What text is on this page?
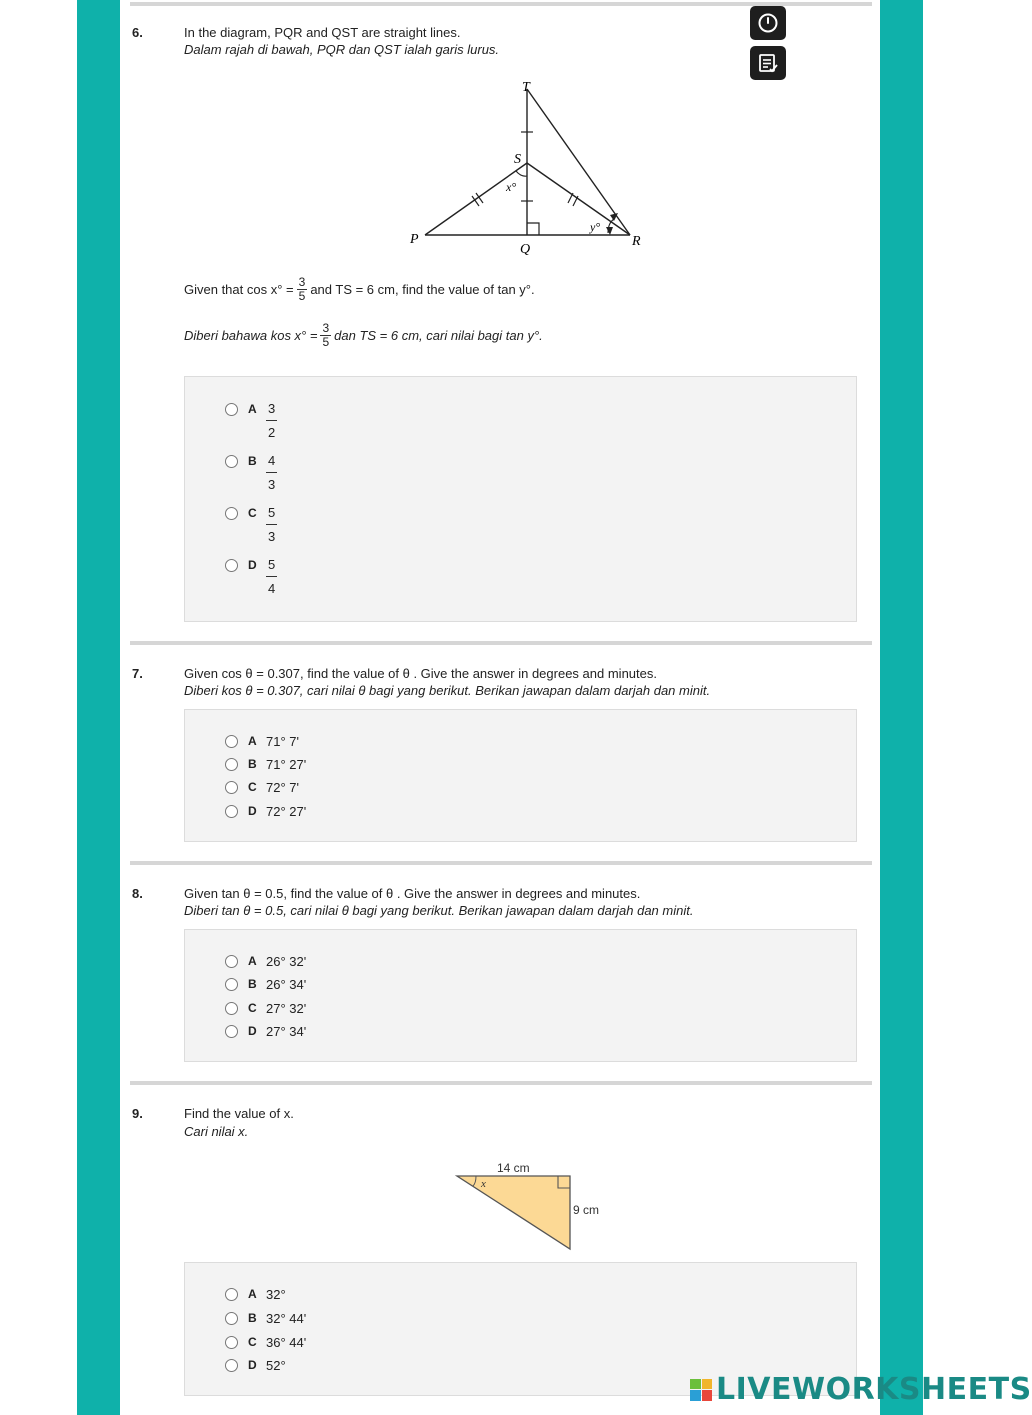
6.	In the diagram, PQR and QST are straight lines.
Dalam rajah di bawah, PQR dan QST ialah garis lurus.
T
S
P
Q
R
x°
y°
Given that $\cos x^\circ = \frac{3}{5}$ and TS = 6 cm, find the value of tan y°.
Diberi bahawa kos $x^\circ = \frac{3}{5}$ dan TS = 6 cm, cari nilai bagi tan y°.
A $\frac{3}{2}$
B $\frac{4}{3}$
C $\frac{5}{3}$
D $\frac{5}{4}$
7.	Given cos θ = 0.307, find the value of θ . Give the answer in degrees and minutes.
Diberi kos θ = 0.307, cari nilai θ bagi yang berikut. Berikan jawapan dalam darjah dan minit.
A 71° 7'
B 71° 27'
C 72° 7'
D 72° 27'
8.	Given tan θ = 0.5, find the value of θ . Give the answer in degrees and minutes.
Diberi tan θ = 0.5, cari nilai θ bagi yang berikut. Berikan jawapan dalam darjah dan minit.
A 26° 32'
B 26° 34'
C 27° 32'
D 27° 34'
9.	Find the value of x.
Cari nilai x.
14 cm
9 cm
x
A 32°
B 32° 44'
C 36° 44'
D 52°
LIVEWORKSHEETS
